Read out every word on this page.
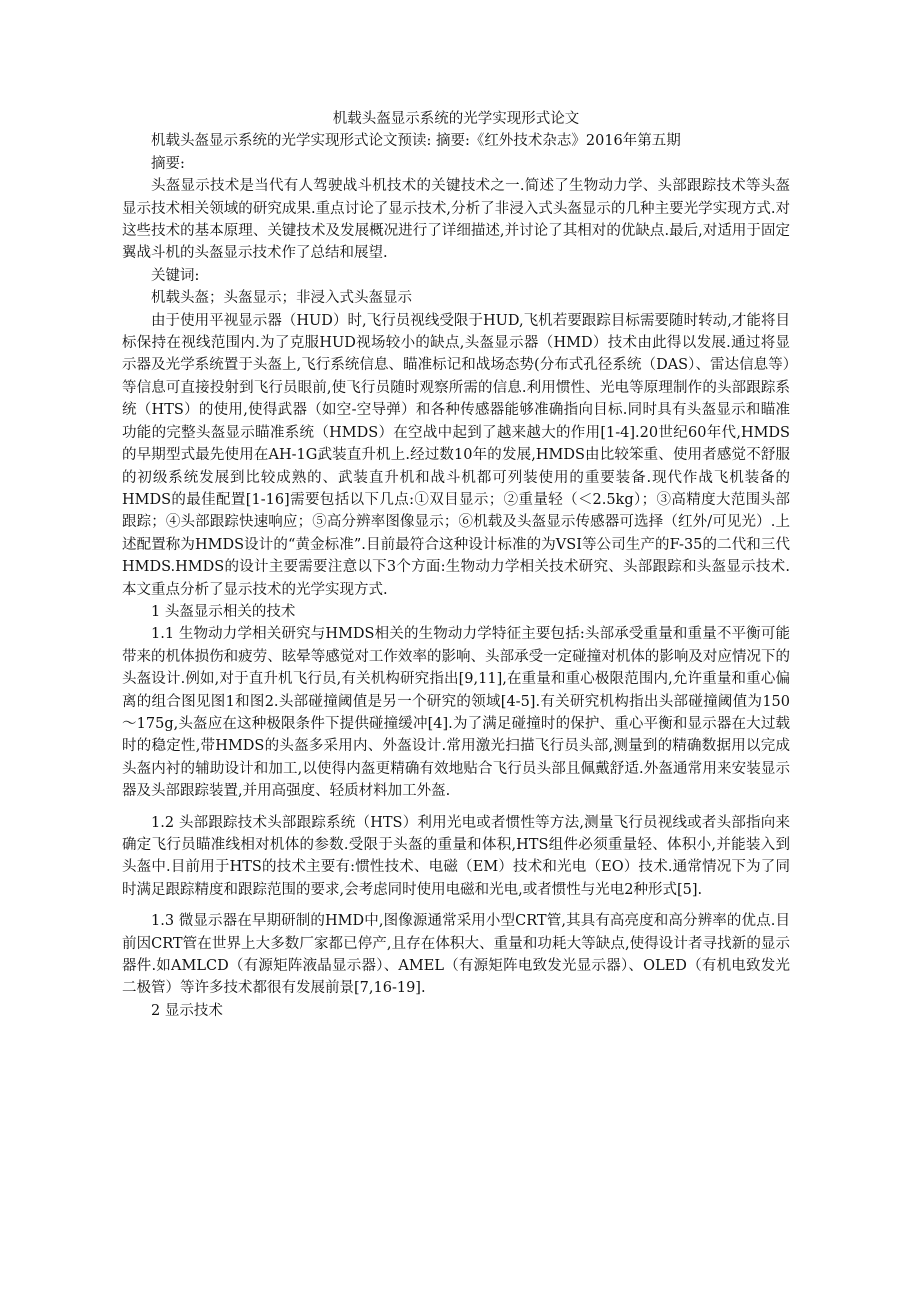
机载头盔显示系统的光学实现形式论文

机载头盔显示系统的光学实现形式论文预读: 摘要:《红外技术杂志》2016年第五期

摘要:

头盔显示技术是当代有人驾驶战斗机技术的关键技术之一.简述了生物动力学、头部跟踪技术等头盔显示技术相关领域的研究成果.重点讨论了显示技术,分析了非浸入式头盔显示的几种主要光学实现方式.对这些技术的基本原理、关键技术及发展概况进行了详细描述,并讨论了其相对的优缺点.最后,对适用于固定翼战斗机的头盔显示技术作了总结和展望.

关键词:

机载头盔；头盔显示；非浸入式头盔显示

由于使用平视显示器（HUD）时,飞行员视线受限于HUD,飞机若要跟踪目标需要随时转动,才能将目标保持在视线范围内.为了克服HUD视场较小的缺点,头盔显示器（HMD）技术由此得以发展.通过将显示器及光学系统置于头盔上,飞行系统信息、瞄准标记和战场态势(分布式孔径系统（DAS）、雷达信息等）等信息可直接投射到飞行员眼前,使飞行员随时观察所需的信息.利用惯性、光电等原理制作的头部跟踪系统（HTS）的使用,使得武器（如空-空导弹）和各种传感器能够准确指向目标.同时具有头盔显示和瞄准功能的完整头盔显示瞄准系统（HMDS）在空战中起到了越来越大的作用[1-4].20世纪60年代,HMDS的早期型式最先使用在AH-1G武装直升机上.经过数10年的发展,HMDS由比较笨重、使用者感觉不舒服的初级系统发展到比较成熟的、武装直升机和战斗机都可列装使用的重要装备.现代作战飞机装备的HMDS的最佳配置[1-16]需要包括以下几点:①双目显示；②重量轻（＜2.5kg）；③高精度大范围头部跟踪；④头部跟踪快速响应；⑤高分辨率图像显示；⑥机载及头盔显示传感器可选择（红外/可见光）.上述配置称为HMDS设计的“黄金标准”.目前最符合这种设计标准的为VSI等公司生产的F-35的二代和三代HMDS.HMDS的设计主要需要注意以下3个方面:生物动力学相关技术研究、头部跟踪和头盔显示技术.本文重点分析了显示技术的光学实现方式.

1 头盔显示相关的技术

1.1 生物动力学相关研究与HMDS相关的生物动力学特征主要包括:头部承受重量和重量不平衡可能带来的机体损伤和疲劳、眩晕等感觉对工作效率的影响、头部承受一定碰撞对机体的影响及对应情况下的头盔设计.例如,对于直升机飞行员,有关机构研究指出[9,11],在重量和重心极限范围内,允许重量和重心偏离的组合图见图1和图2.头部碰撞阈值是另一个研究的领域[4-5].有关研究机构指出头部碰撞阈值为150～175g,头盔应在这种极限条件下提供碰撞缓冲[4].为了满足碰撞时的保护、重心平衡和显示器在大过载时的稳定性,带HMDS的头盔多采用内、外盔设计.常用激光扫描飞行员头部,测量到的精确数据用以完成头盔内衬的辅助设计和加工,以使得内盔更精确有效地贴合飞行员头部且佩戴舒适.外盔通常用来安装显示器及头部跟踪装置,并用高强度、轻质材料加工外盔.

1.2 头部跟踪技术头部跟踪系统（HTS）利用光电或者惯性等方法,测量飞行员视线或者头部指向来确定飞行员瞄准线相对机体的参数.受限于头盔的重量和体积,HTS组件必须重量轻、体积小,并能装入到头盔中.目前用于HTS的技术主要有:惯性技术、电磁（EM）技术和光电（EO）技术.通常情况下为了同时满足跟踪精度和跟踪范围的要求,会考虑同时使用电磁和光电,或者惯性与光电2种形式[5].

1.3 微显示器在早期研制的HMD中,图像源通常采用小型CRT管,其具有高亮度和高分辨率的优点.目前因CRT管在世界上大多数厂家都已停产,且存在体积大、重量和功耗大等缺点,使得设计者寻找新的显示器件.如AMLCD（有源矩阵液晶显示器）、AMEL（有源矩阵电致发光显示器）、OLED（有机电致发光二极管）等许多技术都很有发展前景[7,16-19].

2 显示技术
